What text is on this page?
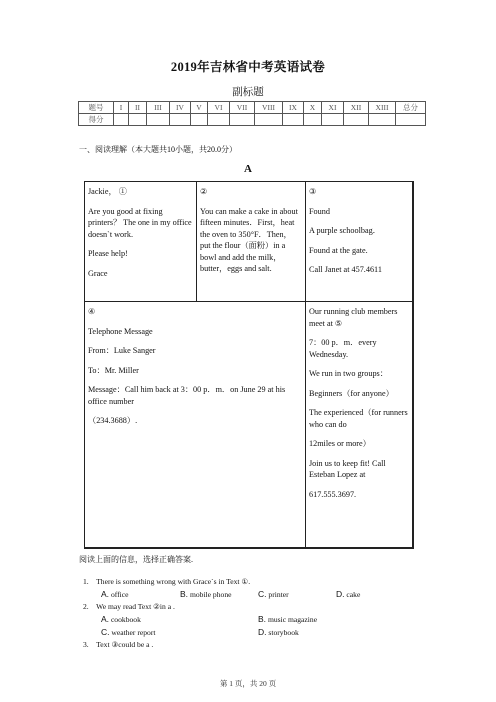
2019年吉林省中考英语试卷
副标题
题号	I	II	III	IV	V	VI	VII	VIII	IX	X	XI	XII	XIII	总分
得分														
一、阅读理解（本大题共10小题，共20.0分）
A

Jackie， ①

Are you good at fixing printers？ The one in my office doesn`t work.

Please help!

Grace

②

You can make a cake in about fifteen minutes．First，heat the oven to 350°F．Then，put the flour（面粉）in a bowl and add the milk，butter，eggs and salt.

③

Found

A purple schoolbag．

Found at the gate.

Call Janet at 457.4611

④

Telephone Message

From：Luke Sanger

To：Mr. Miller

Message：Call him back at 3：00 p．m．on June 29 at his office number

（234.3688）.

Our running club members meet at ⑤

7：00 p．m．every Wednesday.

We run in two groups：

Beginners（for anyone）

The experienced（for runners who can do

12miles or more）

Join us to keep fit! Call Esteban Lopez at

617.555.3697.

阅读上面的信息，选择正确答案.
1. There is something wrong with Grace`s in Text ①.
A. office	B. mobile phone	C. printer	D. cake
2. We may read Text ②in a .
A. cookbook	B. music magazine
C. weather report	D. storybook
3. Text ③could be a .
第 1 页，共 20 页
